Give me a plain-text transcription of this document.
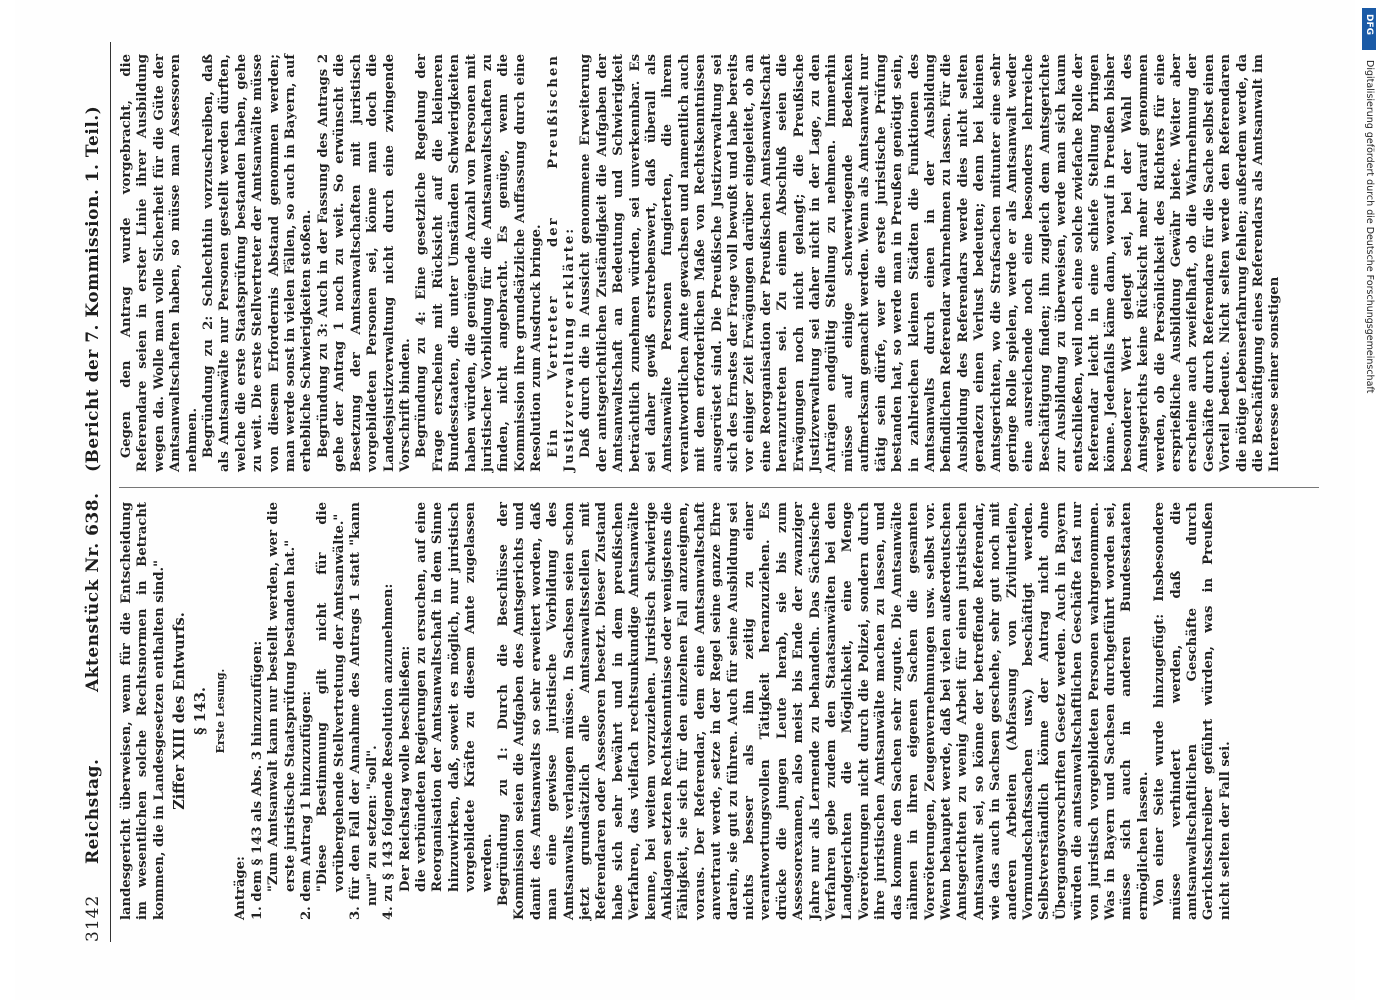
DFG
Digitalisierung gefördert durch die Deutsche Forschungsgemeinschaft
3142
Reichstag.
Aktenstück Nr. 638.
(Bericht der 7. Kommission. 1. Teil.)

landesgericht überweisen, wenn für die Entscheidung im wesentlichen solche Rechtsnormen in Betracht kommen, die in Landesgesetzen enthalten sind." Ziffer XIII des Entwurfs. § 143. Erste Lesung.

Anträge: 1. dem § 143 als Abs. 3 hinzuzufügen: "Zum Amtsanwalt kann nur bestellt werden, wer die erste juristische Staatsprüfung bestanden hat." 2. dem Antrag 1 hinzuzufügen: "Diese Bestimmung gilt nicht für die vorübergehende Stellvertretung der Amtsanwälte." 3. für den Fall der Annahme des Antrags 1 statt "kann nur" zu setzen: "soll". 4. zu § 143 folgende Resolution anzunehmen: Der Reichstag wolle beschließen: die verbündeten Regierungen zu ersuchen, auf eine Reorganisation der Amtsanwaltschaft in dem Sinne hinzuwirken, daß, soweit es möglich, nur juristisch vorgebildete Kräfte zu diesem Amte zugelassen werden. Begründung zu 1: Durch die Beschlüsse der Kommission seien die Aufgaben des Amtsgerichts und damit des Amtsanwalts so sehr erweitert worden, daß man eine gewisse juristische Vorbildung des Amtsanwalts verlangen müsse. In Sachsen seien schon jetzt grundsätzlich alle Amtsanwaltsstellen mit Referendaren oder Assessoren besetzt. Dieser Zustand habe sich sehr bewährt und in dem preußischen Verfahren, das vielfach rechtsunkundige Amtsanwälte kenne, bei weitem vorzuziehen. Juristisch schwierige Anklagen setzten Rechtskenntnisse oder wenigstens die Fähigkeit, sie sich für den einzelnen Fall anzueignen, voraus. Der Referendar, dem eine Amtsanwaltschaft anvertraut werde, setze in der Regel seine ganze Ehre darein, sie gut zu führen. Auch für seine Ausbildung sei nichts besser als ihn zeitig zu einer verantwortungsvollen Tätigkeit heranzuziehen. Es drücke die jungen Leute herab, sie bis zum Assessorexamen, also meist bis Ende der zwanziger Jahre nur als Lernende zu behandeln. Das Sächsische Verfahren gebe zudem den Staatsanwälten bei den Landgerichten die Möglichkeit, eine Menge Voreröterungen nicht durch die Polizei, sondern durch ihre juristischen Amtsanwälte machen zu lassen, und das komme den Sachen sehr zugute. Die Amtsanwälte nähmen in ihren eigenen Sachen die gesamten Voreröterungen, Zeugenvernehmungen usw. selbst vor. Wenn behauptet werde, daß bei vielen außerdeutschen Amtsgerichten zu wenig Arbeit für einen juristischen Amtsanwalt sei, so könne der betreffende Referendar, wie das auch in Sachsen geschehe, sehr gut noch mit anderen Arbeiten (Abfassung von Zivilurteilen, Vormundschaftssachen usw.) beschäftigt werden. Selbstverständlich könne der Antrag nicht ohne Übergangsvorschriften Gesetz werden. Auch in Bayern würden die amtsanwaltschaftlichen Geschäfte fast nur von juristisch vorgebildeten Personen wahrgenommen. Was in Bayern und Sachsen durchgeführt worden sei, müsse sich auch in anderen Bundesstaaten ermöglichen lassen. Von einer Seite wurde hinzugefügt: Insbesondere müsse verhindert werden, daß die amtsanwaltschaftlichen Geschäfte durch Gerichtsschreiber geführt würden, was in Preußen nicht selten der Fall sei.

Gegen den Antrag wurde vorgebracht, die Referendare seien in erster Linie ihrer Ausbildung wegen da. Wolle man volle Sicherheit für die Güte der Amtsanwaltschaften haben, so müsse man Assessoren nehmen. Begründung zu 2: Schlechthin vorzuschreiben, daß als Amtsanwälte nur Personen gestellt werden dürften, welche die erste Staatsprüfung bestanden haben, gehe zu weit. Die erste Stellvertreter der Amtsanwälte müsse von diesem Erfordernis Abstand genommen werden; man werde sonst in vielen Fällen, so auch in Bayern, auf erhebliche Schwierigkeiten stoßen. Begründung zu 3: Auch in der Fassung des Antrags 2 gehe der Antrag 1 noch zu weit. So erwünscht die Besetzung der Amtsanwaltschaften mit juristisch vorgebildeten Personen sei, könne man doch die Landesjustizverwaltung nicht durch eine zwingende Vorschrift binden. Begründung zu 4: Eine gesetzliche Regelung der Frage erscheine mit Rücksicht auf die kleineren Bundesstaaten, die unter Umständen Schwierigkeiten haben würden, die genügende Anzahl von Personen mit juristischer Vorbildung für die Amtsanwaltschaften zu finden, nicht angebracht. Es genüge, wenn die Kommission ihre grundsätzliche Auffassung durch eine Resolution zum Ausdruck bringe. Ein Vertreter der Preußischen Justizverwaltung erklärte: Daß durch die in Aussicht genommene Erweiterung der amtsgerichtlichen Zuständigkeit die Aufgaben der Amtsanwaltschaft an Bedeutung und Schwierigkeit beträchtlich zunehmen würden, sei unverkennbar. Es sei daher gewiß erstrebenswert, daß überall als Amtsanwälte Personen fungierten, die ihrem verantwortlichen Amte gewachsen und namentlich auch mit dem erforderlichen Maße von Rechtskenntnissen ausgerüstet sind. Die Preußische Justizverwaltung sei sich des Ernstes der Frage voll bewußt und habe bereits vor einiger Zeit Erwägungen darüber eingeleitet, ob an eine Reorganisation der Preußischen Amtsanwaltschaft heranzutreten sei. Zu einem Abschluß seien die Erwägungen noch nicht gelangt; die Preußische Justizverwaltung sei daher nicht in der Lage, zu den Anträgen endgültig Stellung zu nehmen. Immerhin müsse auf einige schwerwiegende Bedenken aufmerksam gemacht werden. Wenn als Amtsanwalt nur tätig sein dürfe, wer die erste juristische Prüfung bestanden hat, so werde man in Preußen genötigt sein, in zahlreichen kleinen Städten die Funktionen des Amtsanwalts durch einen in der Ausbildung befindlichen Referendar wahrnehmen zu lassen. Für die Ausbildung des Referendars werde dies nicht selten geradezu einen Verlust bedeuten; denn bei kleinen Amtsgerichten, wo die Strafsachen mitunter eine sehr geringe Rolle spielen, werde er als Amtsanwalt weder eine ausreichende noch eine besonders lehrreiche Beschäftigung finden; ihn zugleich dem Amtsgerichte zur Ausbildung zu überweisen, werde man sich kaum entschließen, weil noch eine solche zwiefache Rolle der Referendar leicht in eine schiefe Stellung bringen könne. Jedenfalls käme dann, worauf in Preußen bisher besonderer Wert gelegt sei, bei der Wahl des Amtsgerichts keine Rücksicht mehr darauf genommen werden, ob die Persönlichkeit des Richters für eine ersprießliche Ausbildung Gewähr biete. Weiter aber erscheine auch zweifelhaft, ob die Wahrnehmung der Geschäfte durch Referendare für die Sache selbst einen Vorteil bedeute. Nicht selten werde den Referendaren die nötige Lebenserfahrung fehlen; außerdem werde, da die Beschäftigung eines Referendars als Amtsanwalt im Interesse seiner sonstigen
